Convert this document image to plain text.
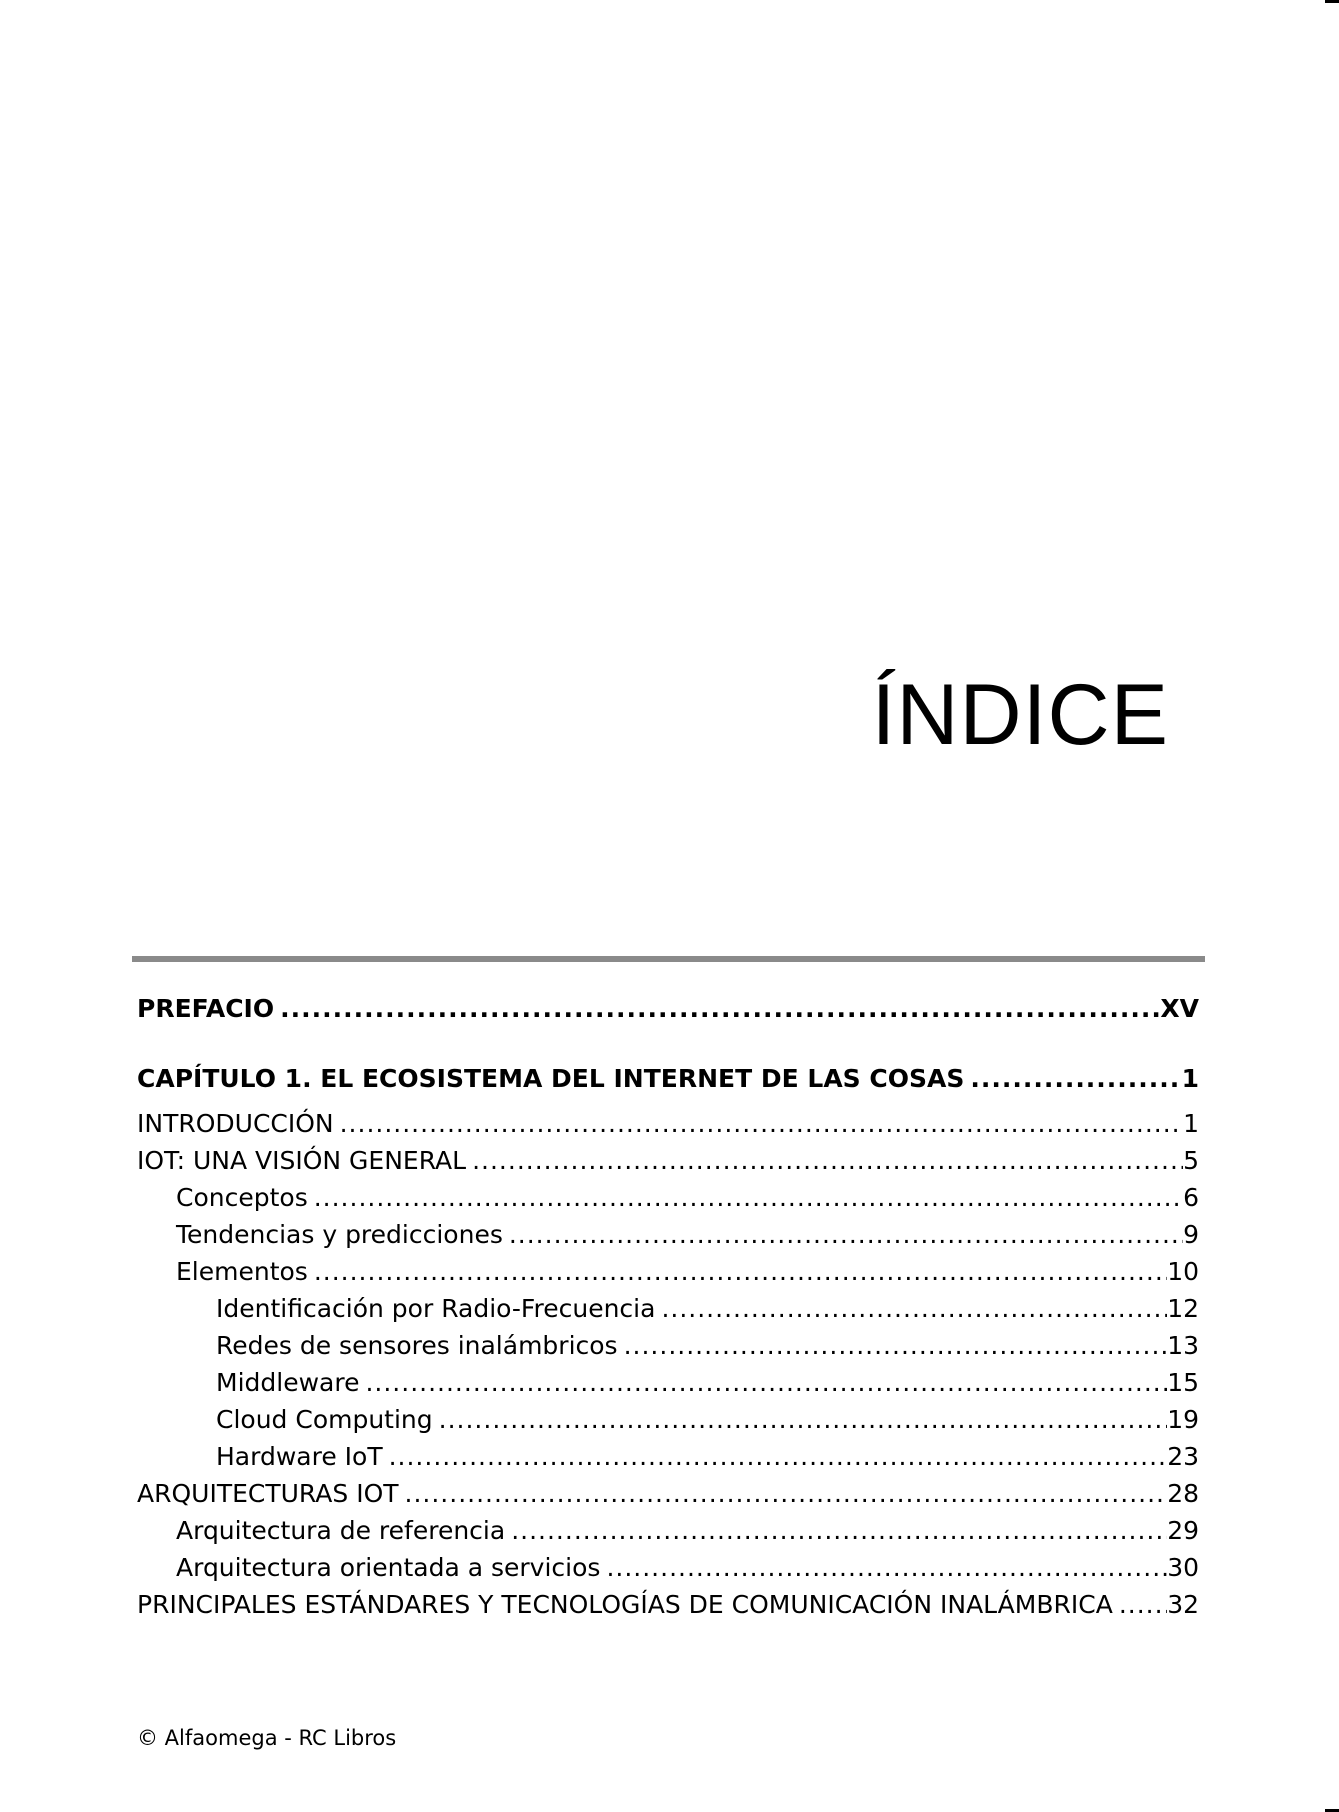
ÍNDICE
PREFACIO .....	XV
CAPÍTULO 1. EL ECOSISTEMA DEL INTERNET DE LAS COSAS .....	1
INTRODUCCIÓN .....	1
IOT: UNA VISIÓN GENERAL .....	5
Conceptos .....	6
Tendencias y predicciones .....	9
Elementos .....	10
Identificación por Radio-Frecuencia .....	12
Redes de sensores inalámbricos .....	13
Middleware .....	15
Cloud Computing .....	19
Hardware IoT .....	23
ARQUITECTURAS IOT .....	28
Arquitectura de referencia .....	29
Arquitectura orientada a servicios .....	30
PRINCIPALES ESTÁNDARES Y TECNOLOGÍAS DE COMUNICACIÓN INALÁMBRICA ..... 32
© Alfaomega - RC Libros
